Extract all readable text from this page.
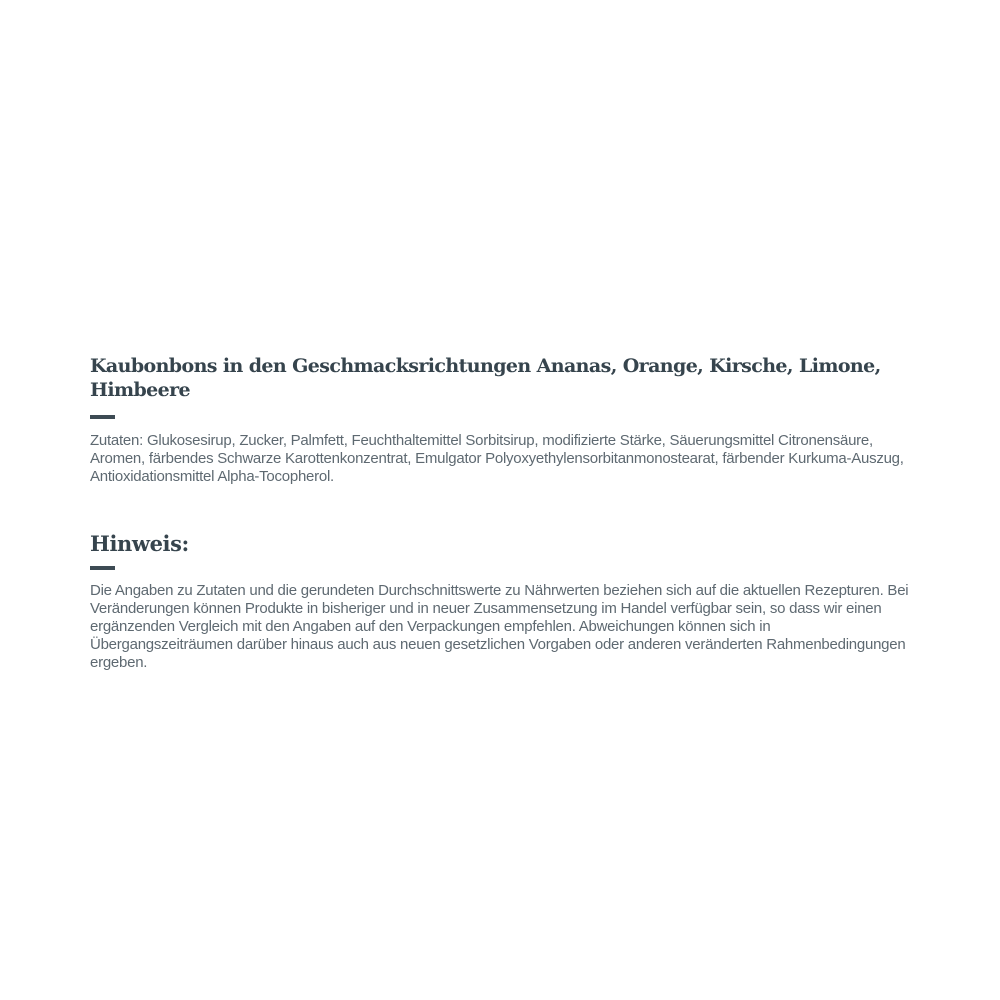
Kaubonbons in den Geschmacksrichtungen Ananas, Orange, Kirsche, Limone, Himbeere

Zutaten: Glukosesirup, Zucker, Palmfett, Feuchthaltemittel Sorbitsirup, modifizierte Stärke, Säuerungsmittel Citronensäure, Aromen, färbendes Schwarze Karottenkonzentrat, Emulgator Polyoxyethylensorbitanmonostearat, färbender Kurkuma-Auszug, Antioxidationsmittel Alpha-Tocopherol.

Hinweis:

Die Angaben zu Zutaten und die gerundeten Durchschnittswerte zu Nährwerten beziehen sich auf die aktuellen Rezepturen. Bei Veränderungen können Produkte in bisheriger und in neuer Zusammensetzung im Handel verfügbar sein, so dass wir einen ergänzenden Vergleich mit den Angaben auf den Verpackungen empfehlen. Abweichungen können sich in Übergangszeiträumen darüber hinaus auch aus neuen gesetzlichen Vorgaben oder anderen veränderten Rahmenbedingungen ergeben.
